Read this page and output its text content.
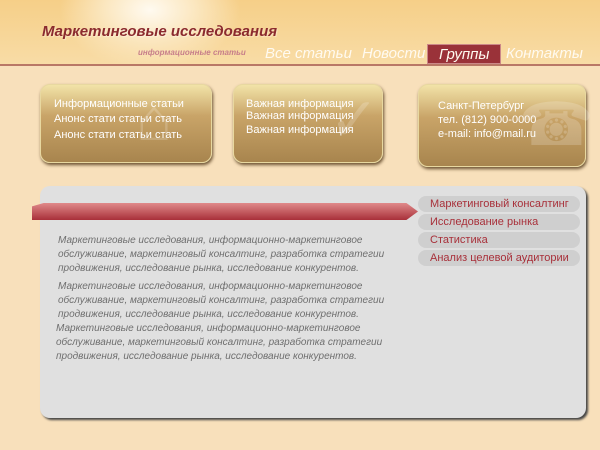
Маркетинговые исследования
информационные статьи Все статьи Новости Группы	Контакты
⌂
Информационные статьи
Анонс стати статьи стать
Анонс стати статьи стать ✓
Важная информация
Важная информация
Важная информация	☎
Санкт-Петербург
тел. (812) 900-0000
e-mail: info@mail.ru
Маркетинговый консалтинг
Исследование рынка
Статистика
Анализ целевой аудитории
Маркетинговые исследования, информационно-маркетинговое обслуживание, маркетинговый консалтинг, разработка стратегии продвижения, исследование рынка, исследование конкурентов.
Маркетинговые исследования, информационно-маркетинговое обслуживание, маркетинговый консалтинг, разработка стратегии продвижения, исследование рынка, исследование конкурентов.
Маркетинговые исследования, информационно-маркетинговое обслуживание, маркетинговый консалтинг, разработка стратегии продвижения, исследование рынка, исследование конкурентов.
